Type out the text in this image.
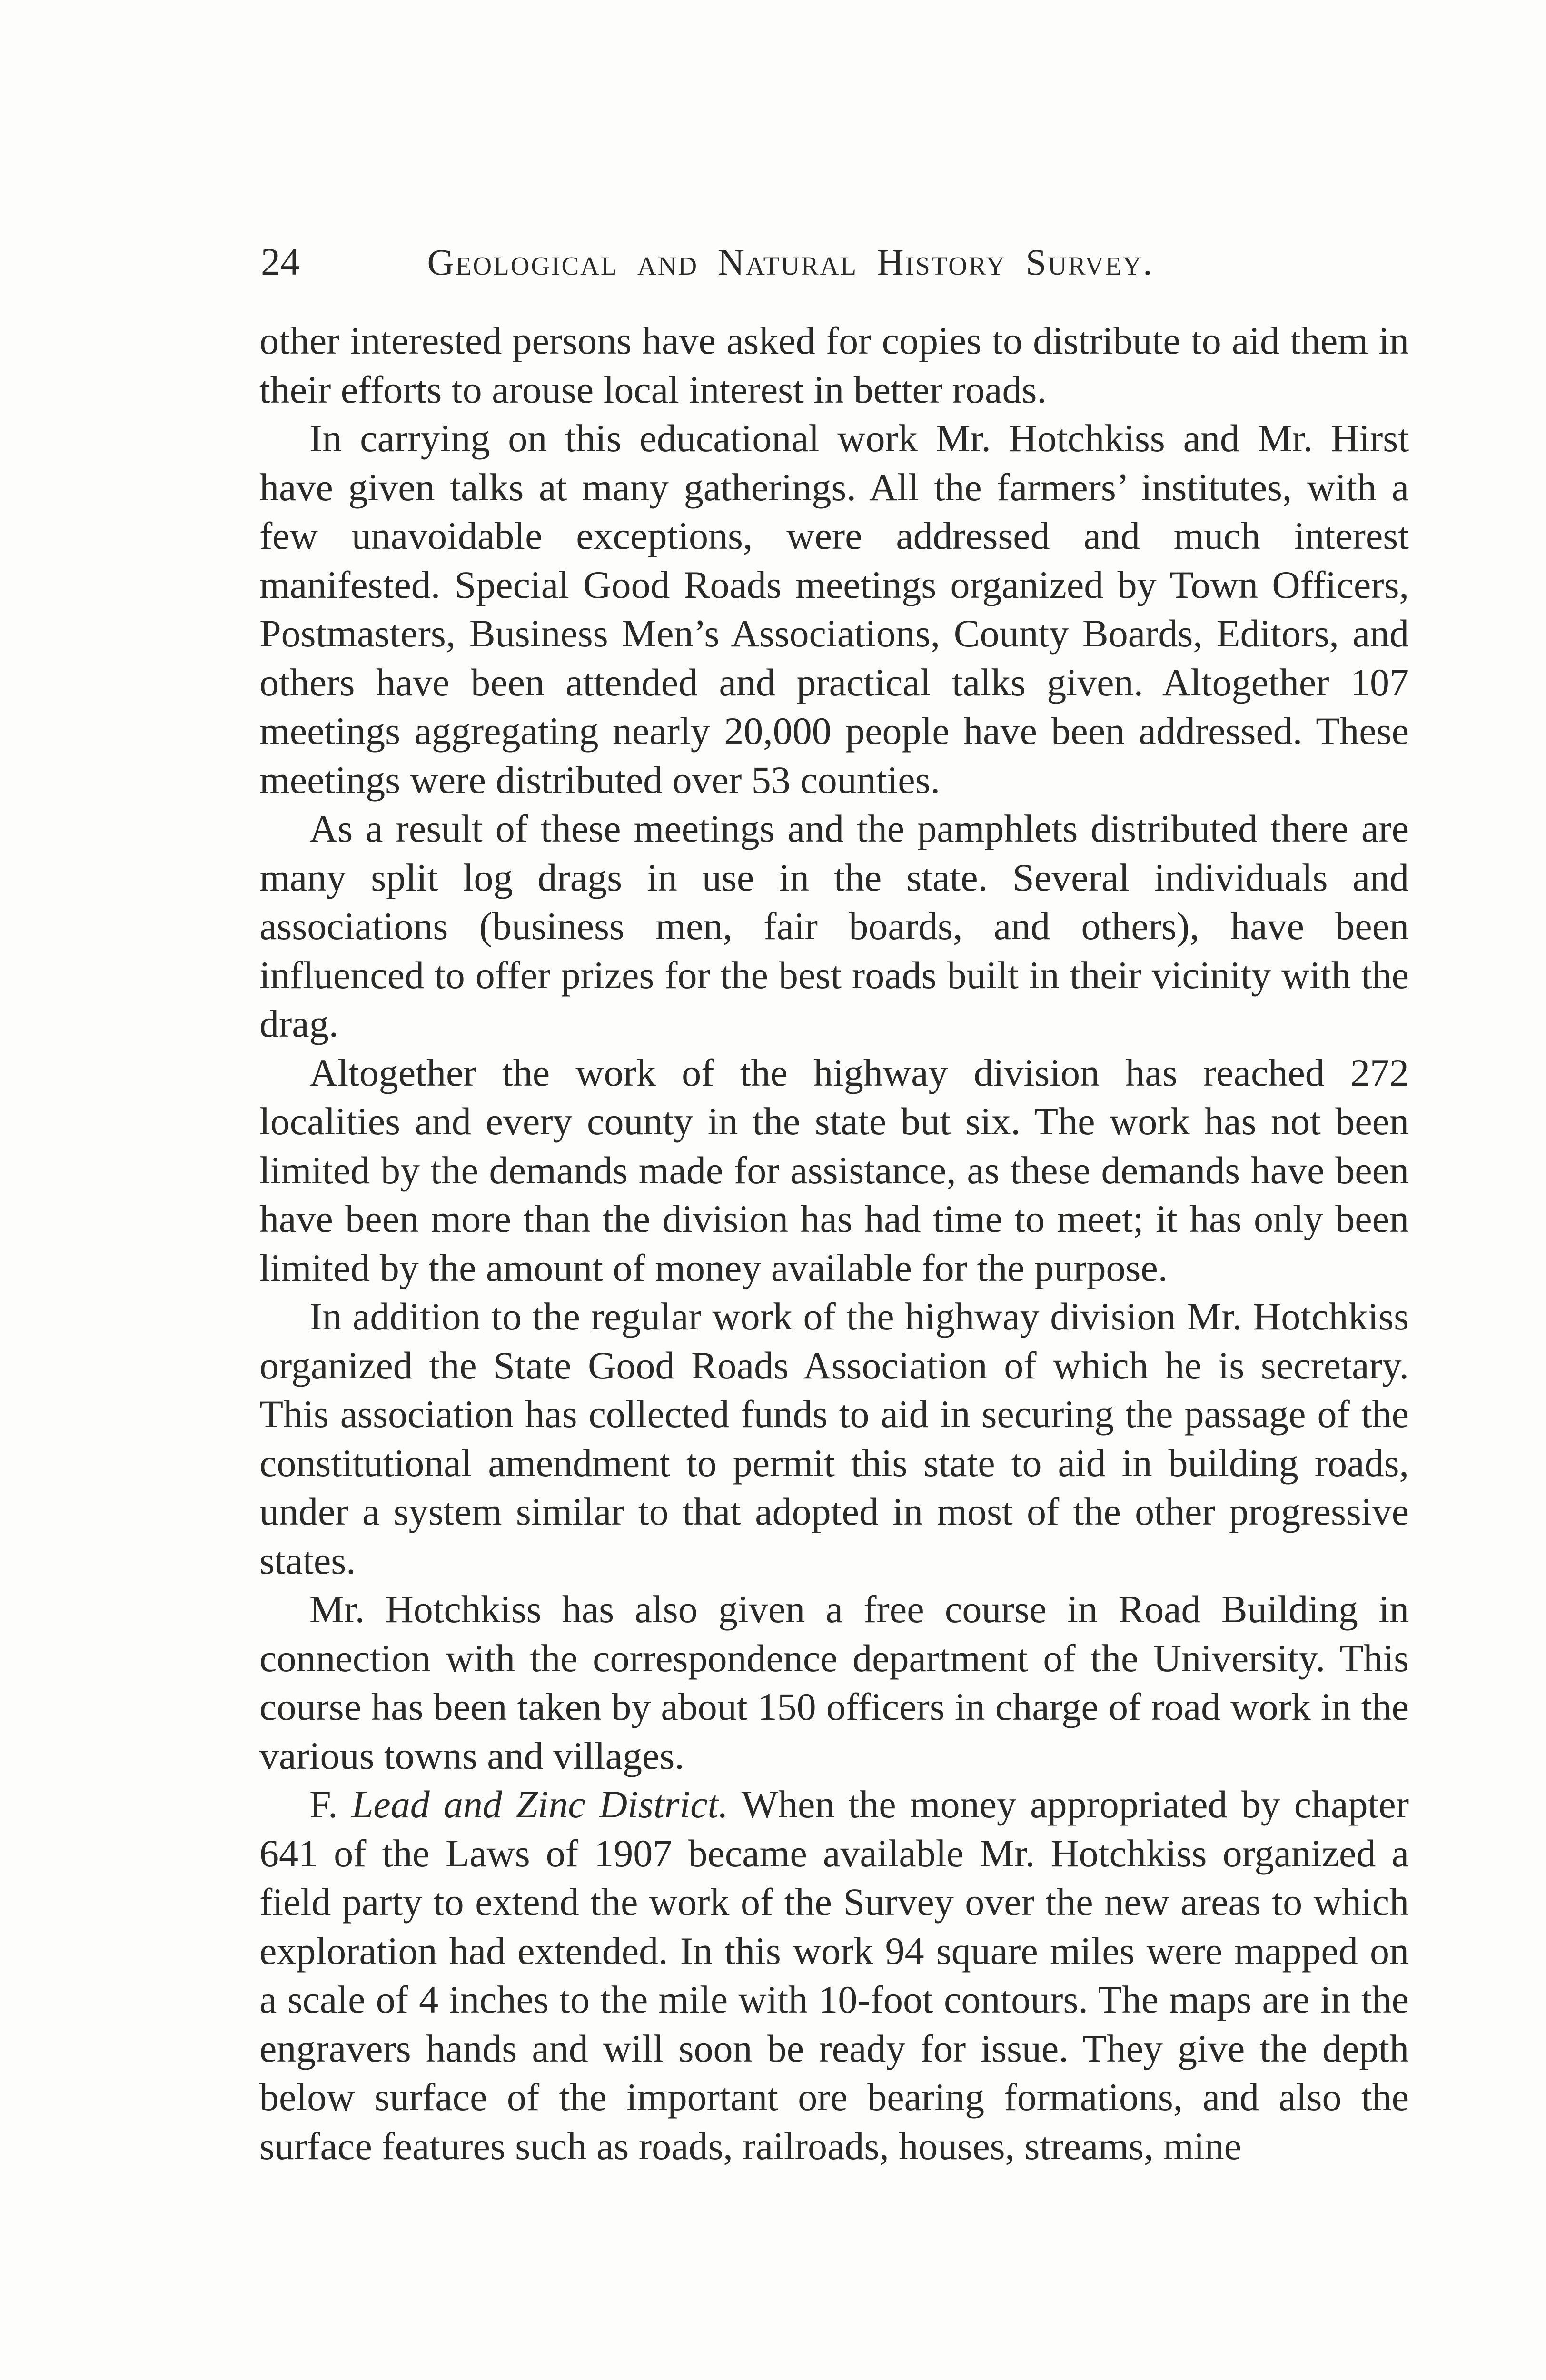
24	Geological and Natural History Survey.

other interested persons have asked for copies to distribute to aid them in their efforts to arouse local interest in better roads.

In carrying on this educational work Mr. Hotchkiss and Mr. Hirst have given talks at many gatherings. All the farmers’ institutes, with a few unavoidable exceptions, were addressed and much interest manifested. Special Good Roads meetings organized by Town Officers, Postmasters, Business Men’s Associations, County Boards, Editors, and others have been attended and practical talks given. Altogether 107 meetings aggregating nearly 20,000 people have been addressed. These meetings were distributed over 53 counties.

As a result of these meetings and the pamphlets distributed there are many split log drags in use in the state. Several individuals and associations (business men, fair boards, and others), have been influenced to offer prizes for the best roads built in their vicinity with the drag.

Altogether the work of the highway division has reached 272 localities and every county in the state but six. The work has not been limited by the demands made for assistance, as these demands have been have been more than the division has had time to meet; it has only been limited by the amount of money available for the purpose.

In addition to the regular work of the highway division Mr. Hotchkiss organized the State Good Roads Association of which he is secretary. This association has collected funds to aid in securing the passage of the constitutional amendment to permit this state to aid in building roads, under a system similar to that adopted in most of the other progressive states.

Mr. Hotchkiss has also given a free course in Road Building in connection with the correspondence department of the University. This course has been taken by about 150 officers in charge of road work in the various towns and villages.

F. Lead and Zinc District. When the money appropriated by chapter 641 of the Laws of 1907 became available Mr. Hotchkiss organized a field party to extend the work of the Survey over the new areas to which exploration had extended. In this work 94 square miles were mapped on a scale of 4 inches to the mile with 10-foot contours. The maps are in the engravers hands and will soon be ready for issue. They give the depth below surface of the important ore bearing formations, and also the surface features such as roads, railroads, houses, streams, mine
